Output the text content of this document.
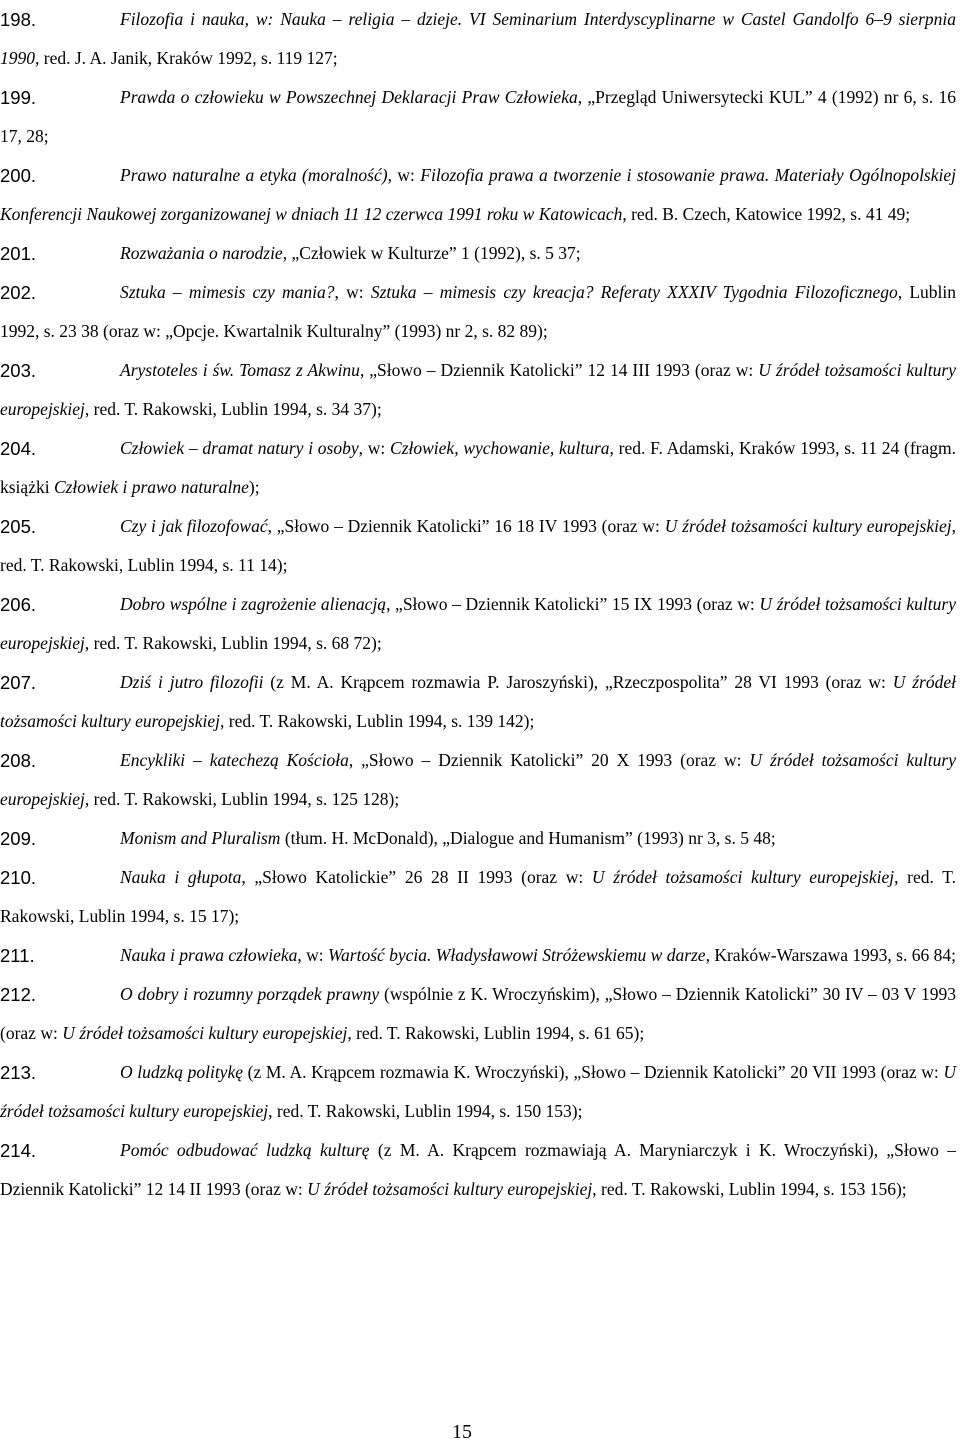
198.	Filozofia i nauka, w: Nauka – religia – dzieje. VI Seminarium Interdyscyplinarne w Castel Gandolfo 6–9 sierpnia 1990, red. J. A. Janik, Kraków 1992, s. 119 127;
199.	Prawda o człowieku w Powszechnej Deklaracji Praw Człowieka, „Przegląd Uniwersytecki KUL” 4 (1992) nr 6, s. 16 17, 28;
200.	Prawo naturalne a etyka (moralność), w: Filozofia prawa a tworzenie i stosowanie prawa. Materiały Ogólnopolskiej Konferencji Naukowej zorganizowanej w dniach 11 12 czerwca 1991 roku w Katowicach, red. B. Czech, Katowice 1992, s. 41 49;
201.	Rozważania o narodzie, „Człowiek w Kulturze” 1 (1992), s. 5 37;
202.	Sztuka – mimesis czy mania?, w: Sztuka – mimesis czy kreacja? Referaty XXXIV Tygodnia Filozoficznego, Lublin 1992, s. 23 38 (oraz w: „Opcje. Kwartalnik Kulturalny” (1993) nr 2, s. 82 89);
203.	Arystoteles i św. Tomasz z Akwinu, „Słowo – Dziennik Katolicki” 12 14 III 1993 (oraz w: U źródeł tożsamości kultury europejskiej, red. T. Rakowski, Lublin 1994, s. 34 37);
204.	Człowiek – dramat natury i osoby, w: Człowiek, wychowanie, kultura, red. F. Adamski, Kraków 1993, s. 11 24 (fragm. książki Człowiek i prawo naturalne);
205.	Czy i jak filozofować, „Słowo – Dziennik Katolicki” 16 18 IV 1993 (oraz w: U źródeł tożsamości kultury europejskiej, red. T. Rakowski, Lublin 1994, s. 11 14);
206.	Dobro wspólne i zagrożenie alienacją, „Słowo – Dziennik Katolicki” 15 IX 1993 (oraz w: U źródeł tożsamości kultury europejskiej, red. T. Rakowski, Lublin 1994, s. 68 72);
207.	Dziś i jutro filozofii (z M. A. Krąpcem rozmawia P. Jaroszyński), „Rzeczpospolita” 28 VI 1993 (oraz w: U źródeł tożsamości kultury europejskiej, red. T. Rakowski, Lublin 1994, s. 139 142);
208.	Encykliki – katechezą Kościoła, „Słowo – Dziennik Katolicki” 20 X 1993 (oraz w: U źródeł tożsamości kultury europejskiej, red. T. Rakowski, Lublin 1994, s. 125 128);
209.	Monism and Pluralism (tłum. H. McDonald), „Dialogue and Humanism” (1993) nr 3, s. 5 48;
210.	Nauka i głupota, „Słowo Katolickie” 26 28 II 1993 (oraz w: U źródeł tożsamości kultury europejskiej, red. T. Rakowski, Lublin 1994, s. 15 17);
211.	Nauka i prawa człowieka, w: Wartość bycia. Władysławowi Stróżewskiemu w darze, Kraków-Warszawa 1993, s. 66 84;
212.	O dobry i rozumny porządek prawny (wspólnie z K. Wroczyńskim), „Słowo – Dziennik Katolicki” 30 IV – 03 V 1993 (oraz w: U źródeł tożsamości kultury europejskiej, red. T. Rakowski, Lublin 1994, s. 61 65);
213.	O ludzką politykę (z M. A. Krąpcem rozmawia K. Wroczyński), „Słowo – Dziennik Katolicki” 20 VII 1993 (oraz w: U źródeł tożsamości kultury europejskiej, red. T. Rakowski, Lublin 1994, s. 150 153);
214.	Pomóc odbudować ludzką kulturę (z M. A. Krąpcem rozmawiają A. Maryniarczyk i K. Wroczyński), „Słowo – Dziennik Katolicki” 12 14 II 1993 (oraz w: U źródeł tożsamości kultury europejskiej, red. T. Rakowski, Lublin 1994, s. 153 156);
15
